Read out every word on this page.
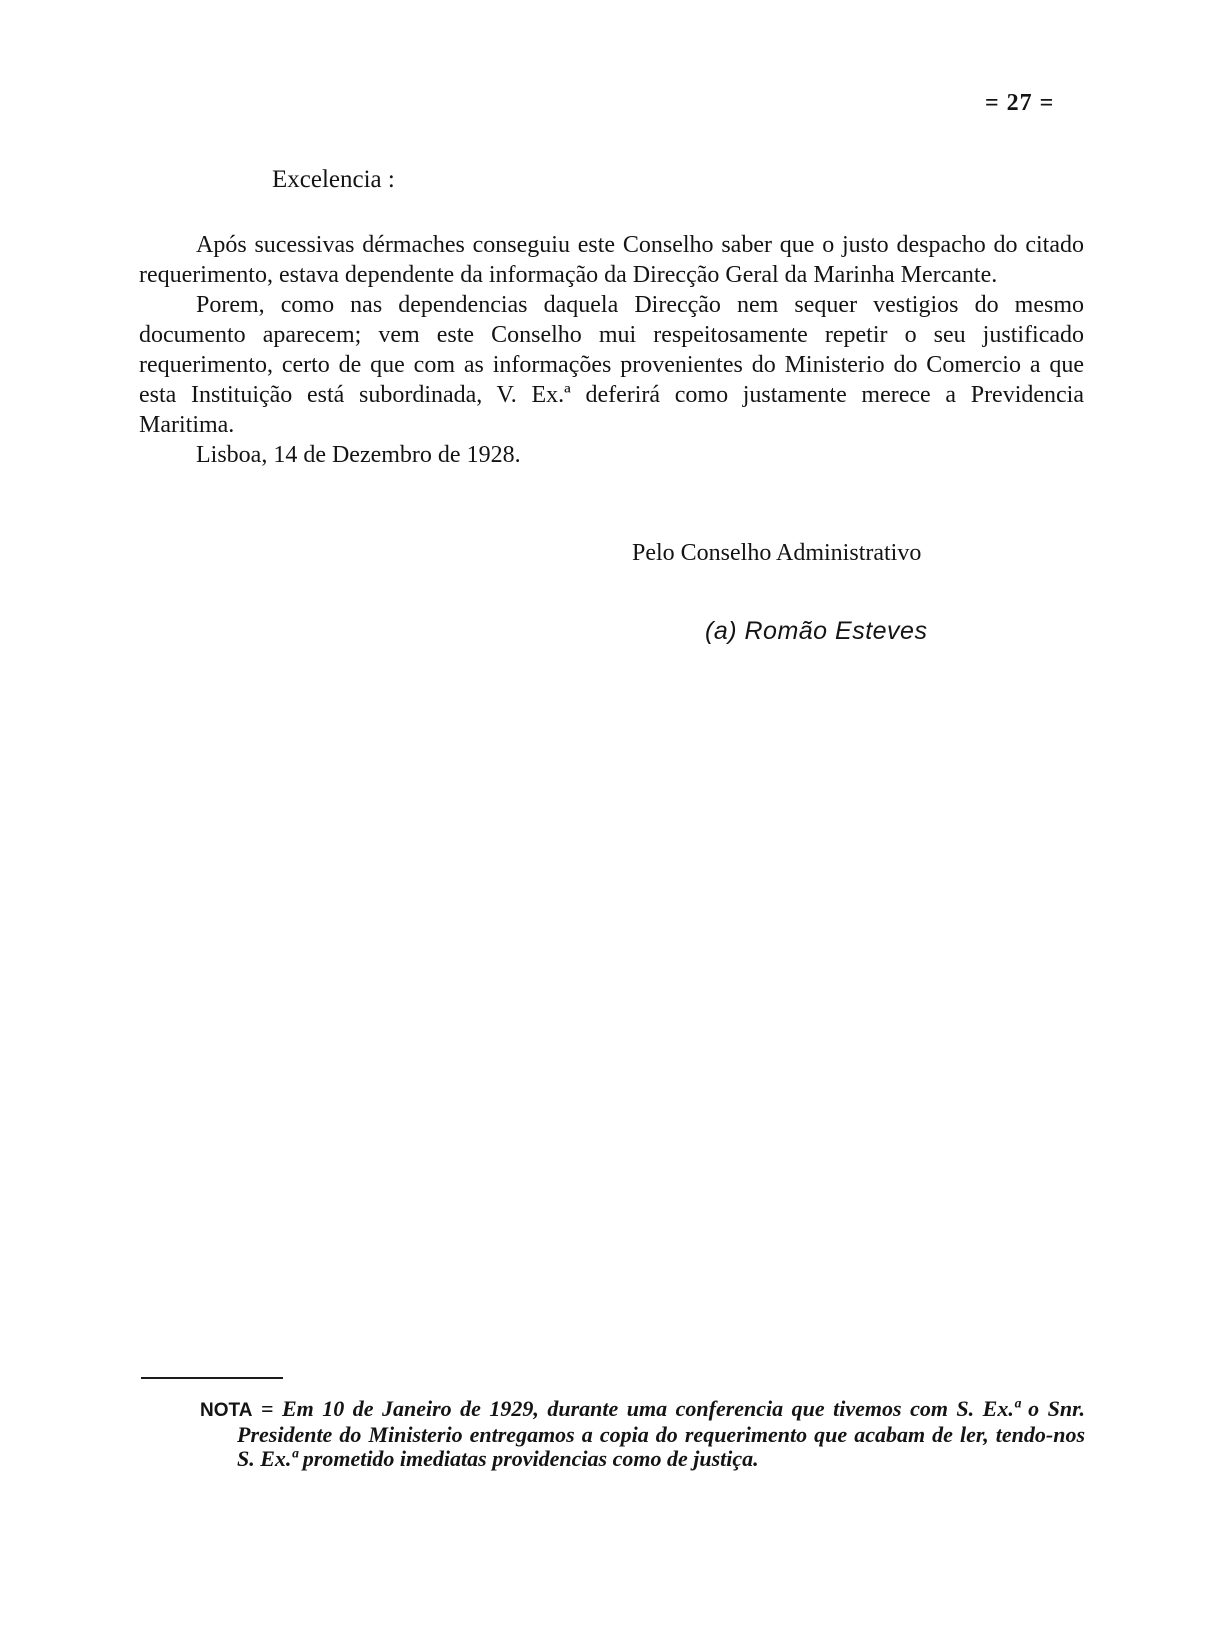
= 27 =
Excelencia :

Após sucessivas dérmaches conseguiu este Conselho saber que o justo despacho do citado requerimento, estava dependente da informação da Direcção Geral da Marinha Mercante.

Porem, como nas dependencias daquela Direcção nem sequer vestigios do mesmo documento aparecem; vem este Conselho mui respeitosamente repetir o seu justificado requerimento, certo de que com as informações provenientes do Ministerio do Comercio a que esta Instituição está subordinada, V. Ex.ª deferirá como justamente merece a Previdencia Maritima.

Lisboa, 14 de Dezembro de 1928.

Pelo Conselho Administrativo
(a) Romão Esteves

NOTA = Em 10 de Janeiro de 1929, durante uma conferencia que tivemos com S. Ex.ª o Snr. Presidente do Ministerio entregamos a copia do requerimento que acabam de ler, tendo-nos S. Ex.ª prometido imediatas providencias como de justiça.
